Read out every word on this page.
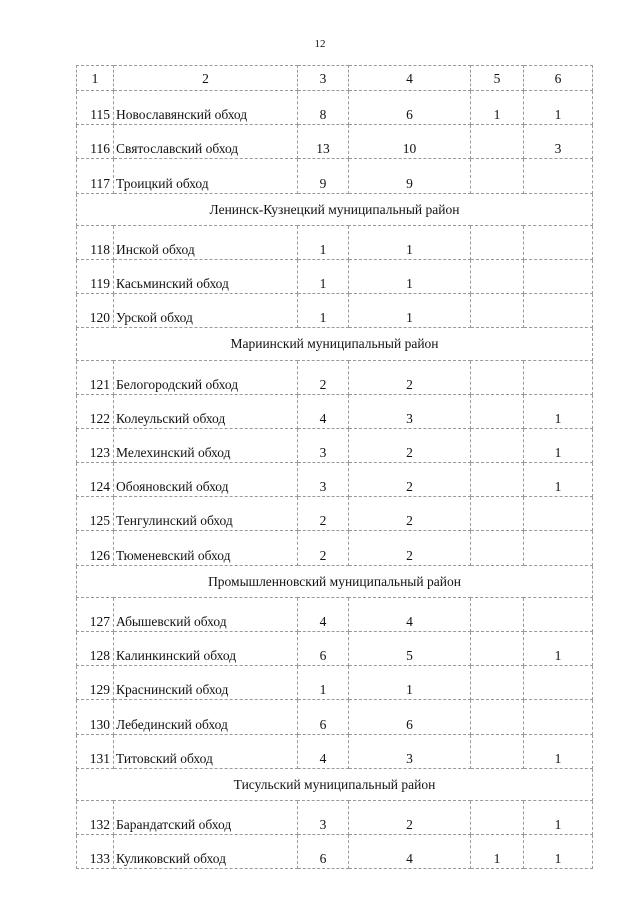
12
1	2	3	4	5	6
115	Новославянский обход	8	6	1	1
116	Святославский обход	13	10		3
117	Троицкий обход	9	9		
Ленинск-Кузнецкий муниципальный район					
118	Инской обход	1	1		
119	Касьминский обход	1	1		
120	Урской обход	1	1		
Мариинский муниципальный район					
121	Белогородский обход	2	2		
122	Колеульский обход	4	3		1
123	Мелехинский обход	3	2		1
124	Обояновский обход	3	2		1
125	Тенгулинский обход	2	2		
126	Тюменевский обход	2	2		
Промышленновский муниципальный район					
127	Абышевский обход	4	4		
128	Калинкинский обход	6	5		1
129	Краснинский обход	1	1		
130	Лебединский обход	6	6		
131	Титовский обход	4	3		1
Тисульский муниципальный район					
132	Барандатский обход	3	2		1
133	Куликовский обход	6	4	1	1
